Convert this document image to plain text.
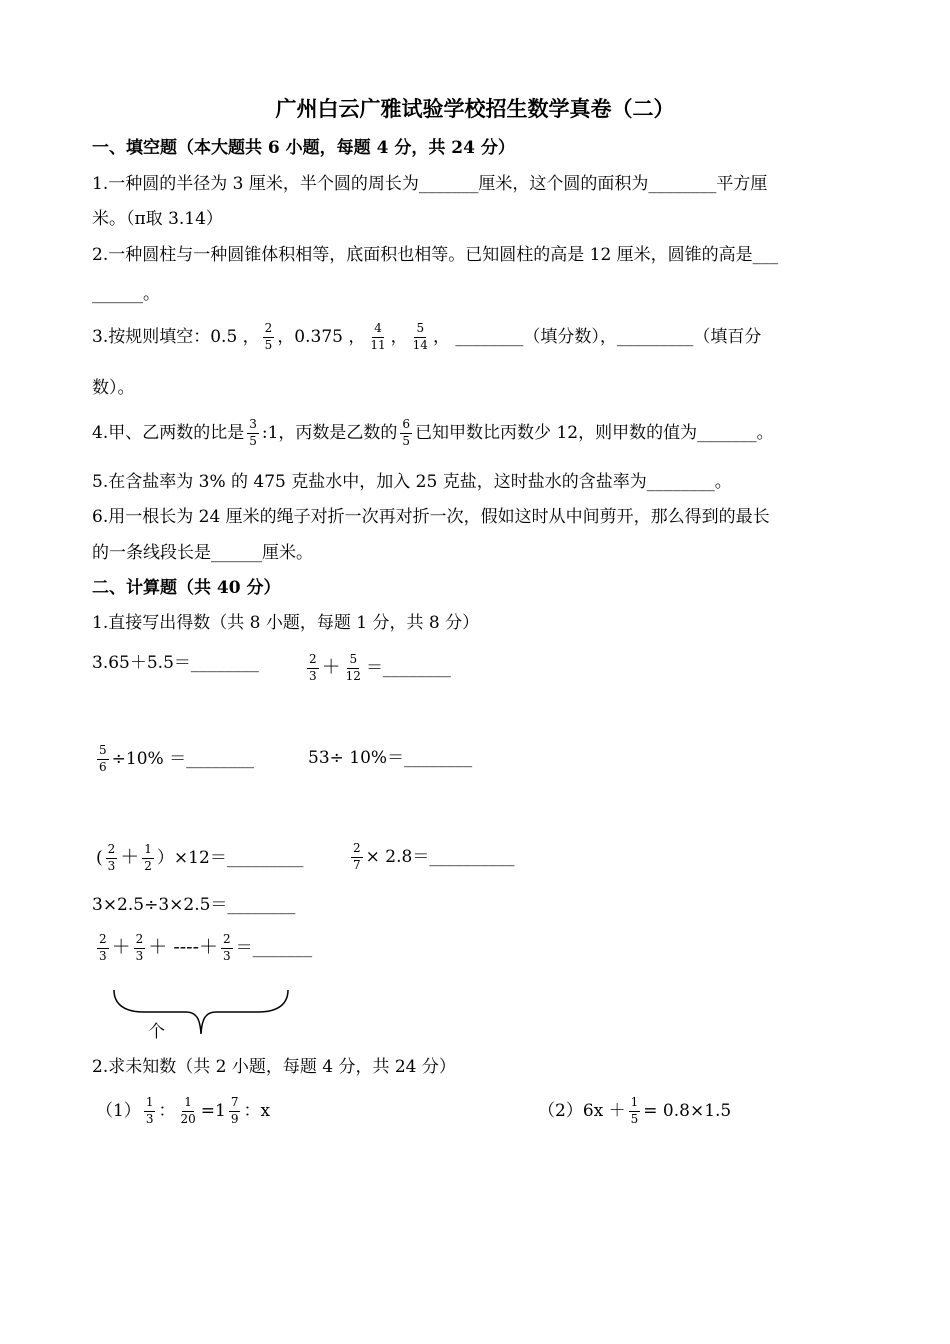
广州白云广雅试验学校招生数学真卷（二）
一、填空题（本大题共 6 小题，每题 4 分，共 24 分）
1.一种圆的半径为 3 厘米，半个圆的周长为_______厘米，这个圆的面积为________平方厘
米。（π取 3.14）
2.一种圆柱与一种圆锥体积相等，底面积也相等。已知圆柱的高是 12 厘米，圆锥的高是___
______。
3.按规则填空：0.5 ， $\frac{2}{5}$ ，0.375 ， $\frac{4}{11}$ ， $\frac{5}{14}$ ， ________（填分数），_________（填百分
数）。
4.甲、乙两数的比是 $\frac{3}{5}$ :1，丙数是乙数的 $\frac{6}{5}$ 已知甲数比丙数少 12，则甲数的值为_______。
5.在含盐率为 3% 的 475 克盐水中，加入 25 克盐，这时盐水的含盐率为________。
6.用一根长为 24 厘米的绳子对折一次再对折一次，假如这时从中间剪开，那么得到的最长
的一条线段长是______厘米。
二、计算题（共 40 分）
1.直接写出得数（共 8 小题，每题 1 分，共 8 分）
3.65＋5.5＝________	$\frac{2}{3} + \frac{5}{12}$ ＝________
$\frac{5}{6} \div 10\%$ ＝________	53÷ 10%＝________
( $\frac{2}{3} + \frac{1}{2}$ ）×12＝_________	$\frac{2}{7}$ × 2.8＝__________
3×2.5÷3×2.5＝________
$\frac{2}{3} + \frac{2}{3}$ ＋ ----＋ $\frac{2}{3}$ ＝_______
个
2.求未知数（共 2 小题，每题 4 分，共 24 分）
$(1) \frac{1}{3}$ ： $\frac{1}{20} =1 \frac{7}{9}$ ：x	$(2)6x + \frac{1}{5} = 0.8\times 1.5$
